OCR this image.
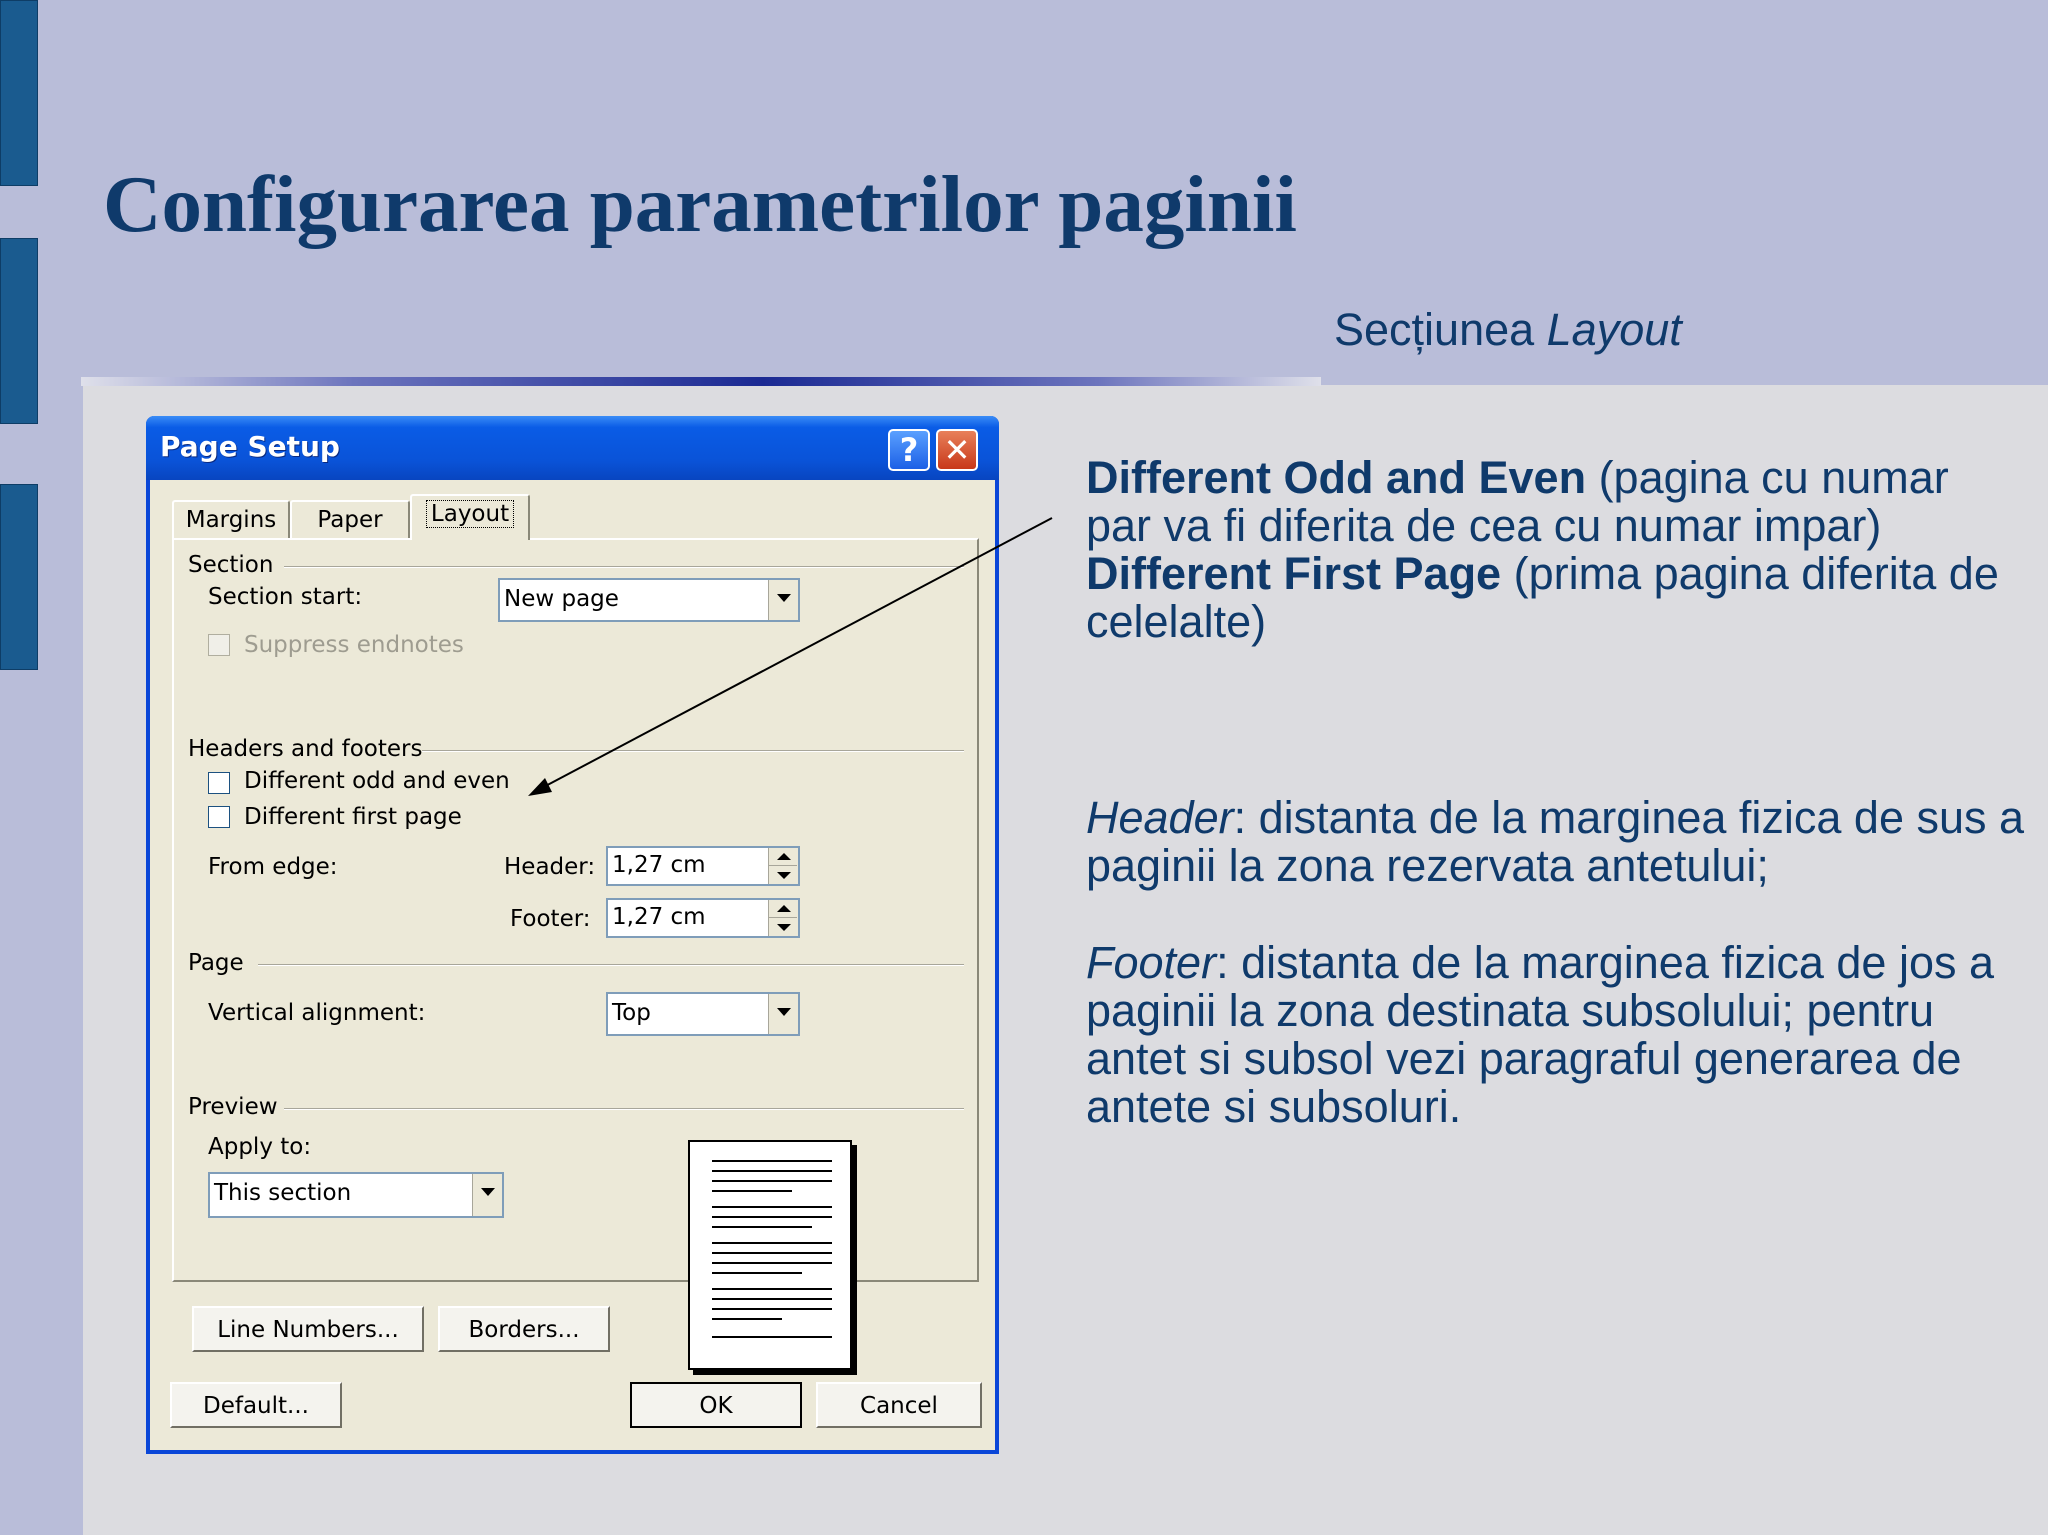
Configurarea parametrilor paginii
Secțiunea Layout
Different Odd and Even (pagina cu numar par va fi diferita de cea cu numar impar)
Different First Page (prima pagina diferita de celelalte)
Header: distanta de la marginea fizica de sus a paginii la zona rezervata antetului;
Footer: distanta de la marginea fizica de jos a paginii la zona destinata subsolului; pentru antet si subsol vezi paragraful generarea de antete si subsoluri.
Page Setup	? ✕
Margins	Paper	Layout
Section
Section start:	New page
Suppress endnotes
Headers and footers
Different odd and even
Different first page
From edge:	Header: 1,27 cm
Footer: 1,27 cm
Page
Vertical alignment:	Top
Preview
Apply to:
This section
Line Numbers...	Borders...
Default...	OK	Cancel
